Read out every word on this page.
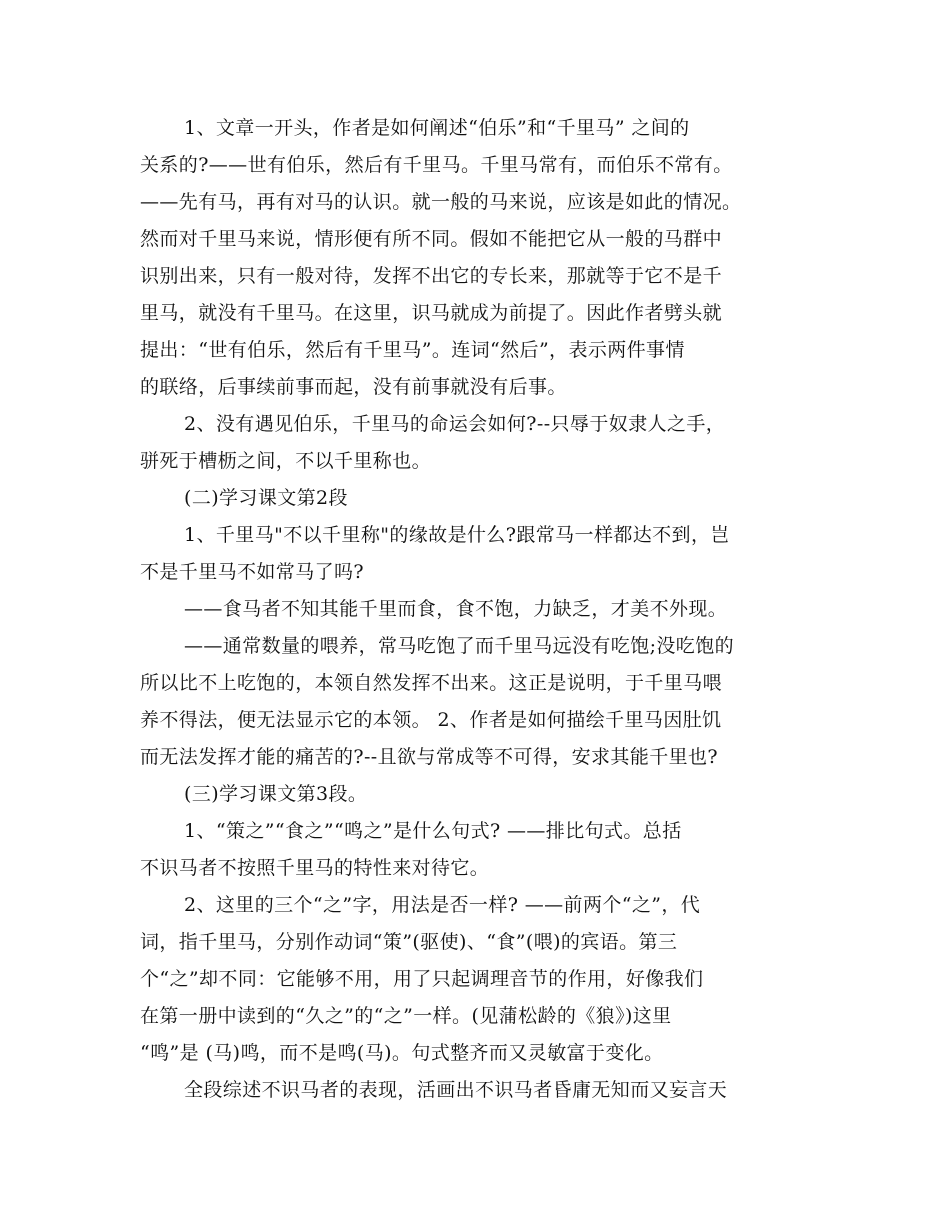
1、文章一开头，作者是如何阐述“伯乐”和“千里马” 之间的
关系的?——世有伯乐，然后有千里马。千里马常有，而伯乐不常有。
——先有马，再有对马的认识。就一般的马来说，应该是如此的情况。
然而对千里马来说，情形便有所不同。假如不能把它从一般的马群中
识别出来，只有一般对待，发挥不出它的专长来，那就等于它不是千
里马，就没有千里马。在这里，识马就成为前提了。因此作者劈头就
提出：“世有伯乐，然后有千里马”。连词“然后”，表示两件事情
的联络，后事续前事而起，没有前事就没有后事。
2、没有遇见伯乐，千里马的命运会如何?--只辱于奴隶人之手，
骈死于槽枥之间，不以千里称也。
(二)学习课文第2段
1、千里马"不以千里称"的缘故是什么?跟常马一样都达不到，岂
不是千里马不如常马了吗?
——食马者不知其能千里而食，食不饱，力缺乏，才美不外现。
——通常数量的喂养，常马吃饱了而千里马远没有吃饱;没吃饱的
所以比不上吃饱的，本领自然发挥不出来。这正是说明，于千里马喂
养不得法，便无法显示它的本领。 2、作者是如何描绘千里马因肚饥
而无法发挥才能的痛苦的?--且欲与常成等不可得，安求其能千里也?
(三)学习课文第3段。
1、“策之”“食之”“鸣之”是什么句式? ——排比句式。总括
不识马者不按照千里马的特性来对待它。
2、这里的三个“之”字，用法是否一样? ——前两个“之”，代
词，指千里马，分别作动词“策”(驱使)、“食”(喂)的宾语。第三
个“之”却不同：它能够不用，用了只起调理音节的作用，好像我们
在第一册中读到的“久之”的“之”一样。(见蒲松龄的《狼》)这里
“鸣”是 (马)鸣，而不是鸣(马)。句式整齐而又灵敏富于变化。
全段综述不识马者的表现，活画出不识马者昏庸无知而又妄言天
